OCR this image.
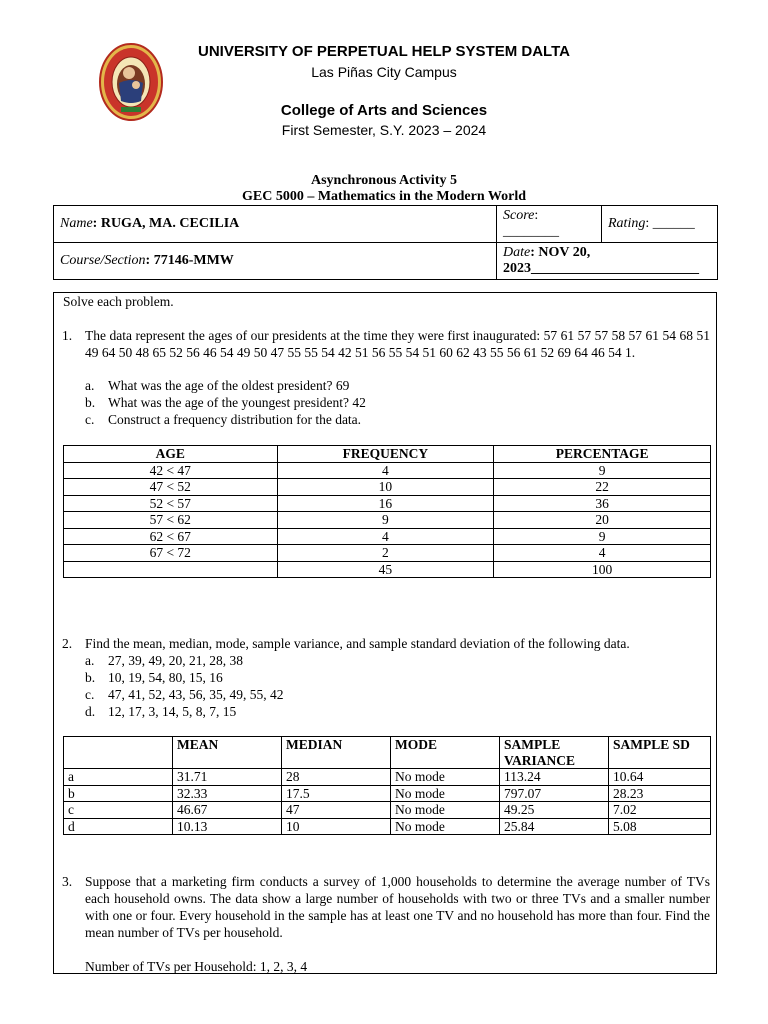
UNIVERSITY OF PERPETUAL HELP SYSTEM DALTA
Las Piñas City Campus
College of Arts and Sciences
First Semester, S.Y. 2023 – 2024
Asynchronous Activity 5
GEC 5000 – Mathematics in the Modern World
Name: RUGA, MA. CECILIA	Score: ________	Rating: ______
Course/Section: 77146-MMW	Date: NOV 20, 2023________________________	
Solve each problem.
1. The data represent the ages of our presidents at the time they were first inaugurated: 57 61 57 57 58 57 61 54 68 51 49 64 50 48 65 52 56 46 54 49 50 47 55 55 54 42 51 56 55 54 51 60 62 43 55 56 61 52 69 64 46 54 1.
a. What was the age of the oldest president? 69
b. What was the age of the youngest president? 42
c. Construct a frequency distribution for the data.
AGE	FREQUENCY	PERCENTAGE
42 < 47	4	9
47 < 52	10	22
52 < 57	16	36
57 < 62	9	20
62 < 67	4	9
67 < 72	2	4
	45	100
2. Find the mean, median, mode, sample variance, and sample standard deviation of the following data.
a. 27, 39, 49, 20, 21, 28, 38
b. 10, 19, 54, 80, 15, 16
c. 47, 41, 52, 43, 56, 35, 49, 55, 42
d. 12, 17, 3, 14, 5, 8, 7, 15
	MEAN	MEDIAN	MODE	SAMPLE VARIANCE	SAMPLE SD
a	31.71	28	No mode	113.24	10.64
b	32.33	17.5	No mode	797.07	28.23
c	46.67	47	No mode	49.25	7.02
d	10.13	10	No mode	25.84	5.08
3. Suppose that a marketing firm conducts a survey of 1,000 households to determine the average number of TVs each household owns. The data show a large number of households with two or three TVs and a smaller number with one or four. Every household in the sample has at least one TV and no household has more than four. Find the mean number of TVs per household.
Number of TVs per Household: 1, 2, 3, 4
